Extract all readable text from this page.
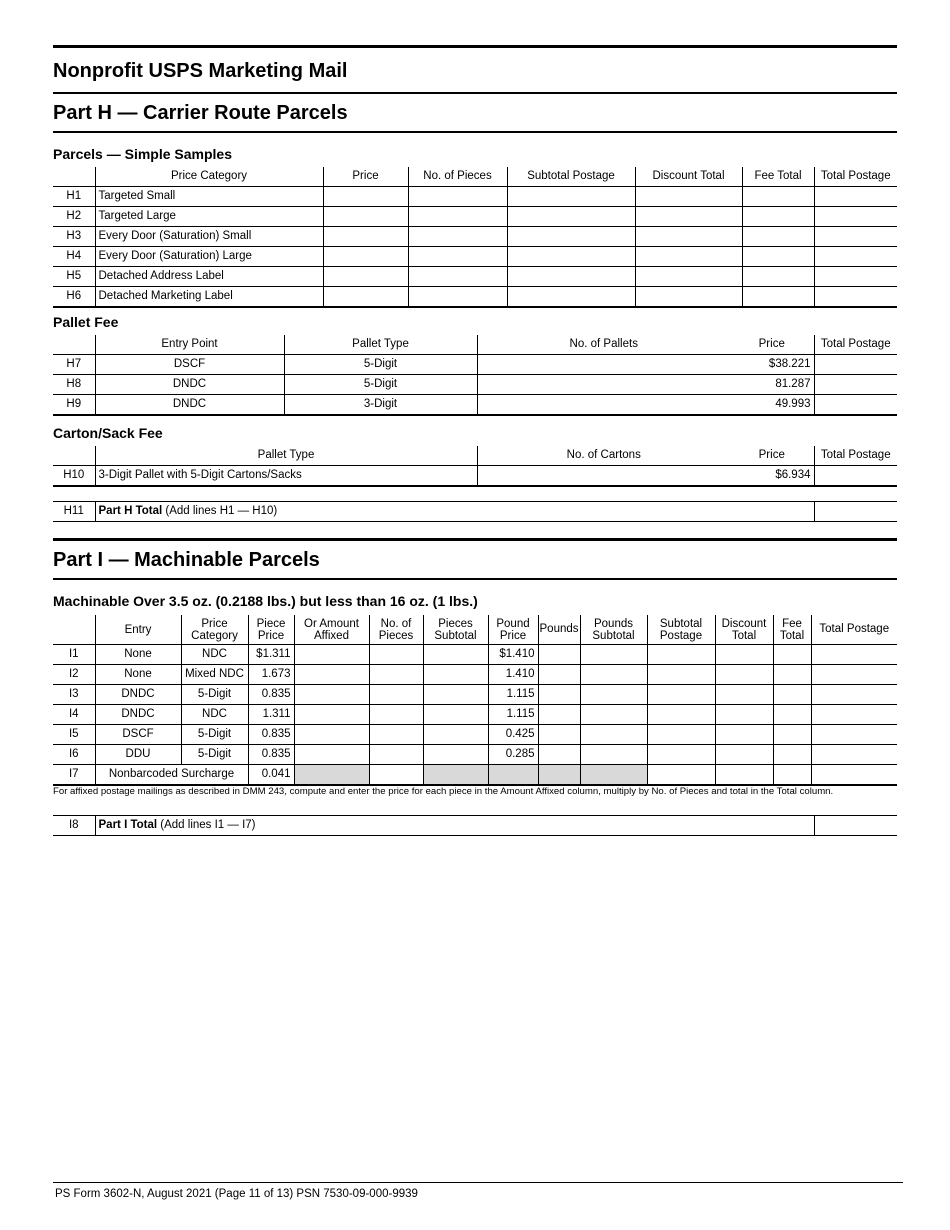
Nonprofit USPS Marketing Mail
Part H — Carrier Route Parcels
Parcels — Simple Samples
	Price Category	Price	No. of Pieces	Subtotal Postage	Discount Total	Fee Total	Total Postage
H1	Targeted Small						
H2	Targeted Large						
H3	Every Door (Saturation) Small						
H4	Every Door (Saturation) Large						
H5	Detached Address Label						
H6	Detached Marketing Label						
Pallet Fee
	Entry Point	Pallet Type	No. of Pallets	Price	Total Postage
H7	DSCF	5-Digit		$38.221	
H8	DNDC	5-Digit		81.287	
H9	DNDC	3-Digit		49.993	
Carton/Sack Fee
	Pallet Type	No. of Cartons	Price	Total Postage
H10	3-Digit Pallet with 5-Digit Cartons/Sacks		$6.934	
H11	Part H Total (Add lines H1 — H10)	
Part I — Machinable Parcels
Machinable Over 3.5 oz. (0.2188 lbs.) but less than 16 oz. (1 lbs.)
	Entry	Price Category	Piece Price	Or Amount Affixed	No. of Pieces	Pieces Subtotal	Pound Price	Pounds	Pounds Subtotal	Subtotal Postage	Discount Total	Fee Total	Total Postage
I1	None	NDC	$1.311				$1.410						
I2	None	Mixed NDC	1.673				1.410						
I3	DNDC	5-Digit	0.835				1.115						
I4	DNDC	NDC	1.311				1.115						
I5	DSCF	5-Digit	0.835				0.425						
I6	DDU	5-Digit	0.835				0.285						
I7	Nonbarcoded Surcharge		0.041										
For affixed postage mailings as described in DMM 243, compute and enter the price for each piece in the Amount Affixed column, multiply by No. of Pieces and total in the Total column.
I8	Part I Total (Add lines I1 — I7)	
PS Form 3602-N, August 2021 (Page 11 of 13) PSN 7530-09-000-9939
